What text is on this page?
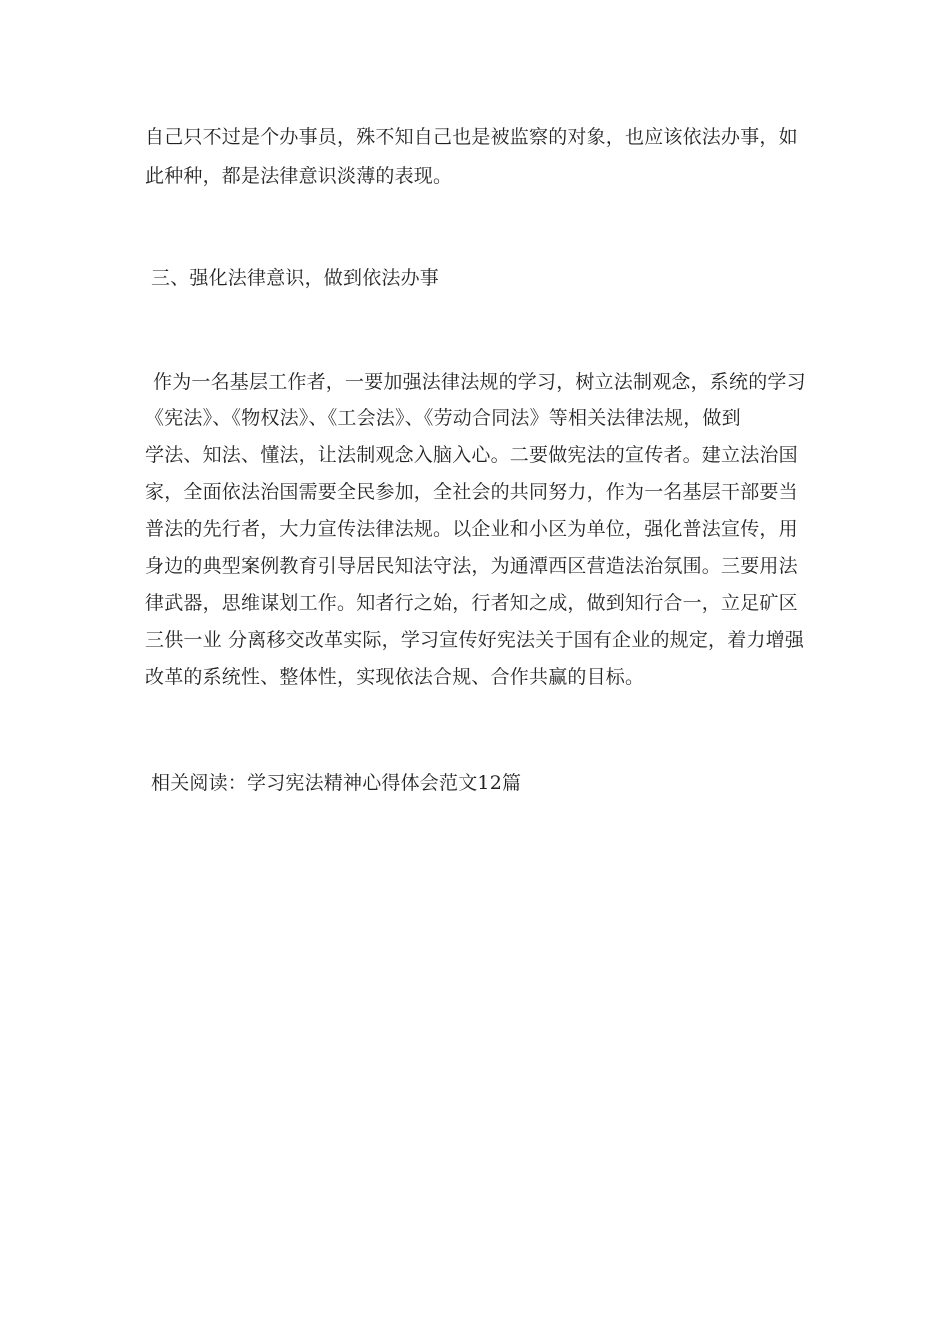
自己只不过是个办事员，殊不知自己也是被监察的对象，也应该依法办事，如
此种种，都是法律意识淡薄的表现。
三、强化法律意识，做到依法办事
作为一名基层工作者，一要加强法律法规的学习，树立法制观念，系统的学习
《宪法》、《物权法》、《工会法》、《劳动合同法》等相关法律法规，做到
学法、知法、懂法，让法制观念入脑入心。二要做宪法的宣传者。建立法治国
家，全面依法治国需要全民参加，全社会的共同努力，作为一名基层干部要当
普法的先行者，大力宣传法律法规。以企业和小区为单位，强化普法宣传，用
身边的典型案例教育引导居民知法守法，为通潭西区营造法治氛围。三要用法
律武器，思维谋划工作。知者行之始，行者知之成，做到知行合一，立足矿区
三供一业 分离移交改革实际，学习宣传好宪法关于国有企业的规定，着力增强
改革的系统性、整体性，实现依法合规、合作共赢的目标。
相关阅读：学习宪法精神心得体会范文12篇
